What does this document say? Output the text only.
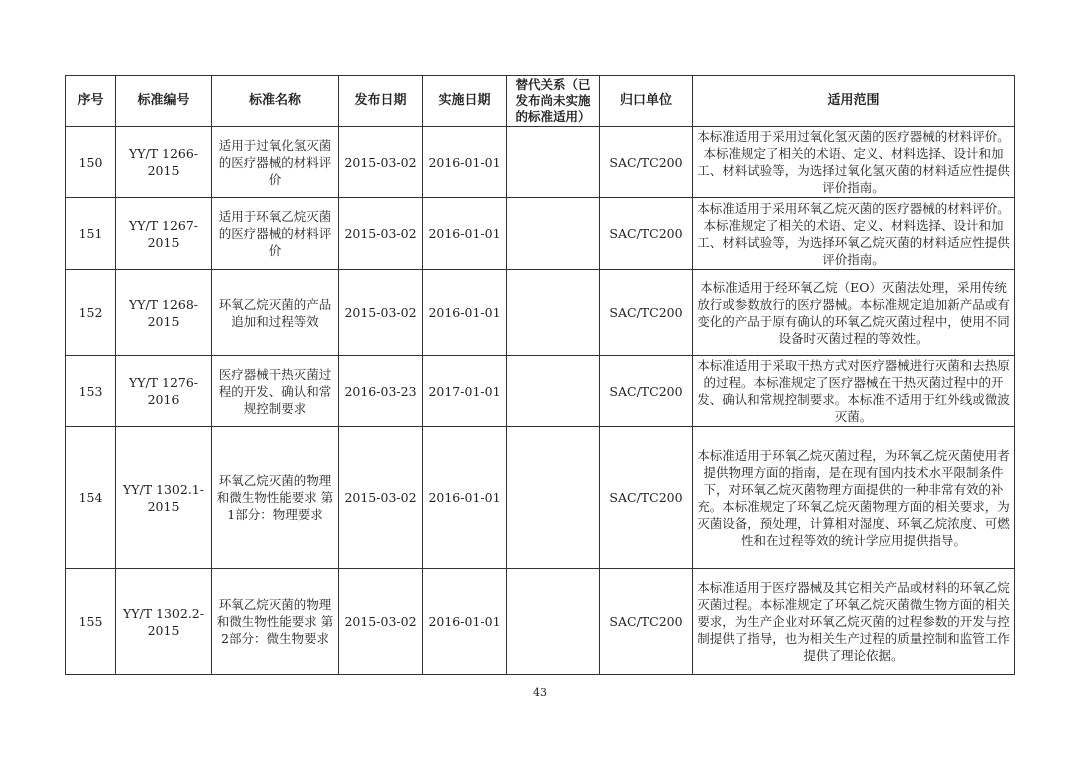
序号	标准编号	标准名称	发布日期	实施日期	替代关系（已发布尚未实施的标准适用）	归口单位	适用范围
150	YY/T 1266-2015	适用于过氧化氢灭菌的医疗器械的材料评价	2015-03-02	2016-01-01		SAC/TC200	本标准适用于采用过氧化氢灭菌的医疗器械的材料评价。本标准规定了相关的术语、定义、材料选择、设计和加工、材料试验等，为选择过氧化氢灭菌的材料适应性提供评价指南。
151	YY/T 1267-2015	适用于环氧乙烷灭菌的医疗器械的材料评价	2015-03-02	2016-01-01		SAC/TC200	本标准适用于采用环氧乙烷灭菌的医疗器械的材料评价。本标准规定了相关的术语、定义、材料选择、设计和加工、材料试验等，为选择环氧乙烷灭菌的材料适应性提供评价指南。
152	YY/T 1268-2015	环氧乙烷灭菌的产品追加和过程等效	2015-03-02	2016-01-01		SAC/TC200	本标准适用于经环氧乙烷（EO）灭菌法处理，采用传统放行或参数放行的医疗器械。本标准规定追加新产品或有变化的产品于原有确认的环氧乙烷灭菌过程中，使用不同设备时灭菌过程的等效性。
153	YY/T 1276-2016	医疗器械干热灭菌过程的开发、确认和常规控制要求	2016-03-23	2017-01-01		SAC/TC200	本标准适用于采取干热方式对医疗器械进行灭菌和去热原的过程。本标准规定了医疗器械在干热灭菌过程中的开发、确认和常规控制要求。本标准不适用于红外线或微波灭菌。
154	YY/T 1302.1-2015	环氧乙烷灭菌的物理和微生物性能要求 第1部分：物理要求	2015-03-02	2016-01-01		SAC/TC200	本标准适用于环氧乙烷灭菌过程，为环氧乙烷灭菌使用者提供物理方面的指南，是在现有国内技术水平限制条件下，对环氧乙烷灭菌物理方面提供的一种非常有效的补充。本标准规定了环氧乙烷灭菌物理方面的相关要求，为灭菌设备，预处理，计算相对湿度、环氧乙烷浓度、可燃性和在过程等效的统计学应用提供指导。
155	YY/T 1302.2-2015	环氧乙烷灭菌的物理和微生物性能要求 第2部分：微生物要求	2015-03-02	2016-01-01		SAC/TC200	本标准适用于医疗器械及其它相关产品或材料的环氧乙烷灭菌过程。本标准规定了环氧乙烷灭菌微生物方面的相关要求，为生产企业对环氧乙烷灭菌的过程参数的开发与控制提供了指导，也为相关生产过程的质量控制和监管工作提供了理论依据。
43
